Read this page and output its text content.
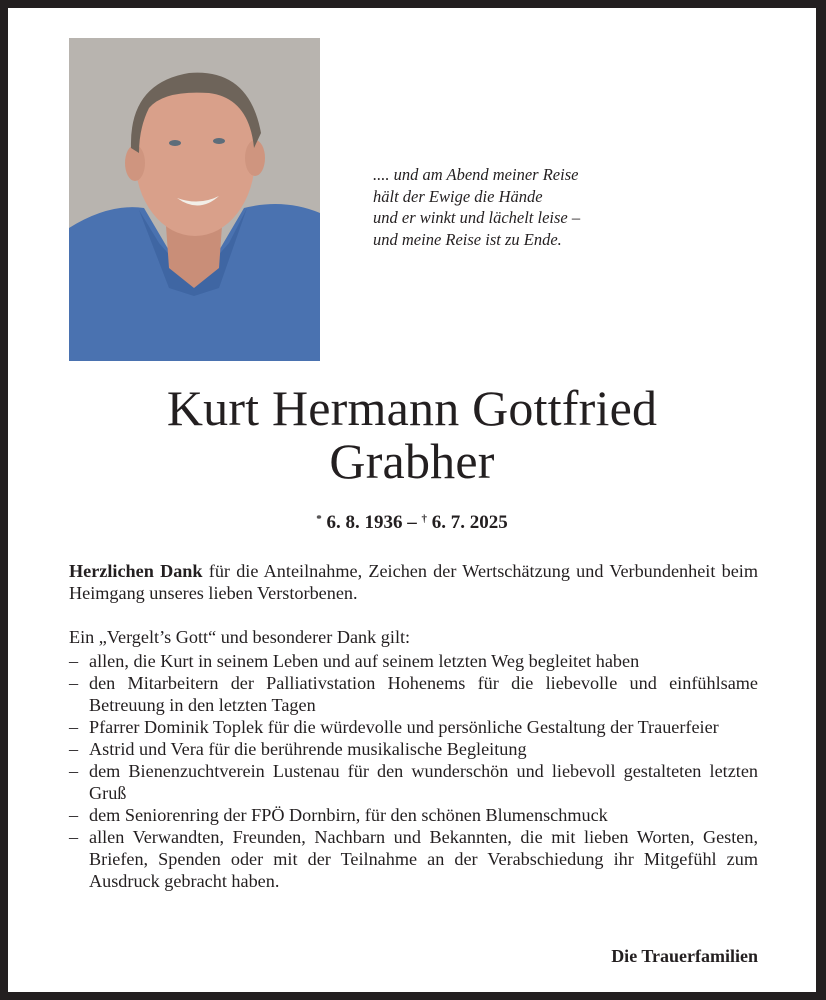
.... und am Abend meiner Reise
hält der Ewige die Hände
und er winkt und lächelt leise –
und meine Reise ist zu Ende.
Kurt Hermann Gottfried
Grabher
* 6. 8. 1936 – † 6. 7. 2025
Herzlichen Dank für die Anteilnahme, Zeichen der Wertschätzung und Verbundenheit beim Heimgang unseres lieben Verstorbenen.
Ein „Vergelt’s Gott“ und besonderer Dank gilt:
– allen, die Kurt in seinem Leben und auf seinem letzten Weg begleitet haben
– den Mitarbeitern der Palliativstation Hohenems für die liebevolle und einfühlsame Betreuung in den letzten Tagen
– Pfarrer Dominik Toplek für die würdevolle und persönliche Gestaltung der Trauerfeier
– Astrid und Vera für die berührende musikalische Begleitung
– dem Bienenzuchtverein Lustenau für den wunderschön und liebevoll gestalteten letzten Gruß
– dem Seniorenring der FPÖ Dornbirn, für den schönen Blumenschmuck
– allen Verwandten, Freunden, Nachbarn und Bekannten, die mit lieben Worten, Gesten, Briefen, Spenden oder mit der Teilnahme an der Verabschiedung ihr Mitgefühl zum Ausdruck gebracht haben.
Die Trauerfamilien
